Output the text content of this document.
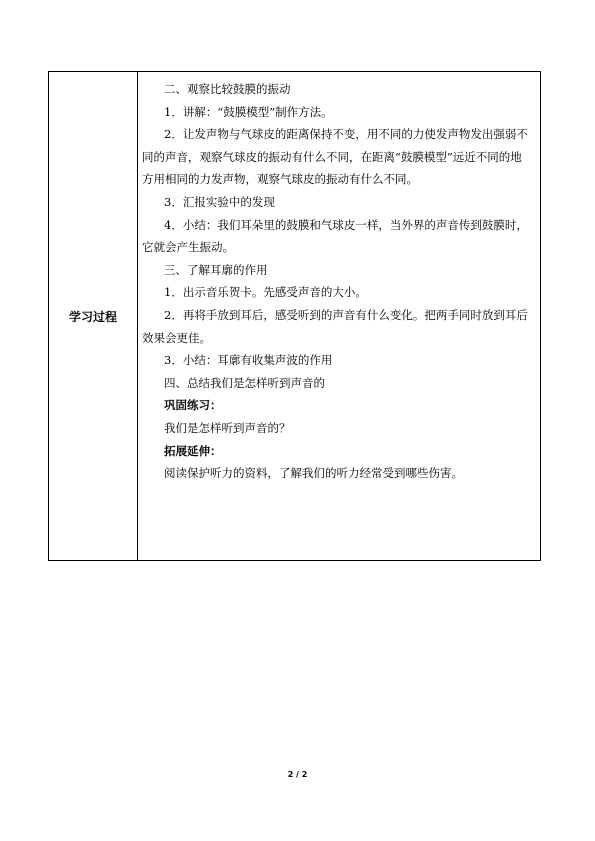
学习过程

二、观察比较鼓膜的振动

1．讲解：“鼓膜模型”制作方法。

2．让发声物与气球皮的距离保持不变，用不同的力使发声物发出强弱不同的声音，观察气球皮的振动有什么不同，在距离“鼓膜模型”远近不同的地方用相同的力发声物，观察气球皮的振动有什么不同。

3．汇报实验中的发现

4．小结：我们耳朵里的鼓膜和气球皮一样，当外界的声音传到鼓膜时，它就会产生振动。

三、了解耳廓的作用

1．出示音乐贺卡。先感受声音的大小。

2．再将手放到耳后，感受听到的声音有什么变化。把两手同时放到耳后效果会更佳。

3．小结：耳廓有收集声波的作用

四、总结我们是怎样听到声音的

巩固练习：

我们是怎样听到声音的？

拓展延伸：

阅读保护听力的资料，了解我们的听力经常受到哪些伤害。

2 / 2
